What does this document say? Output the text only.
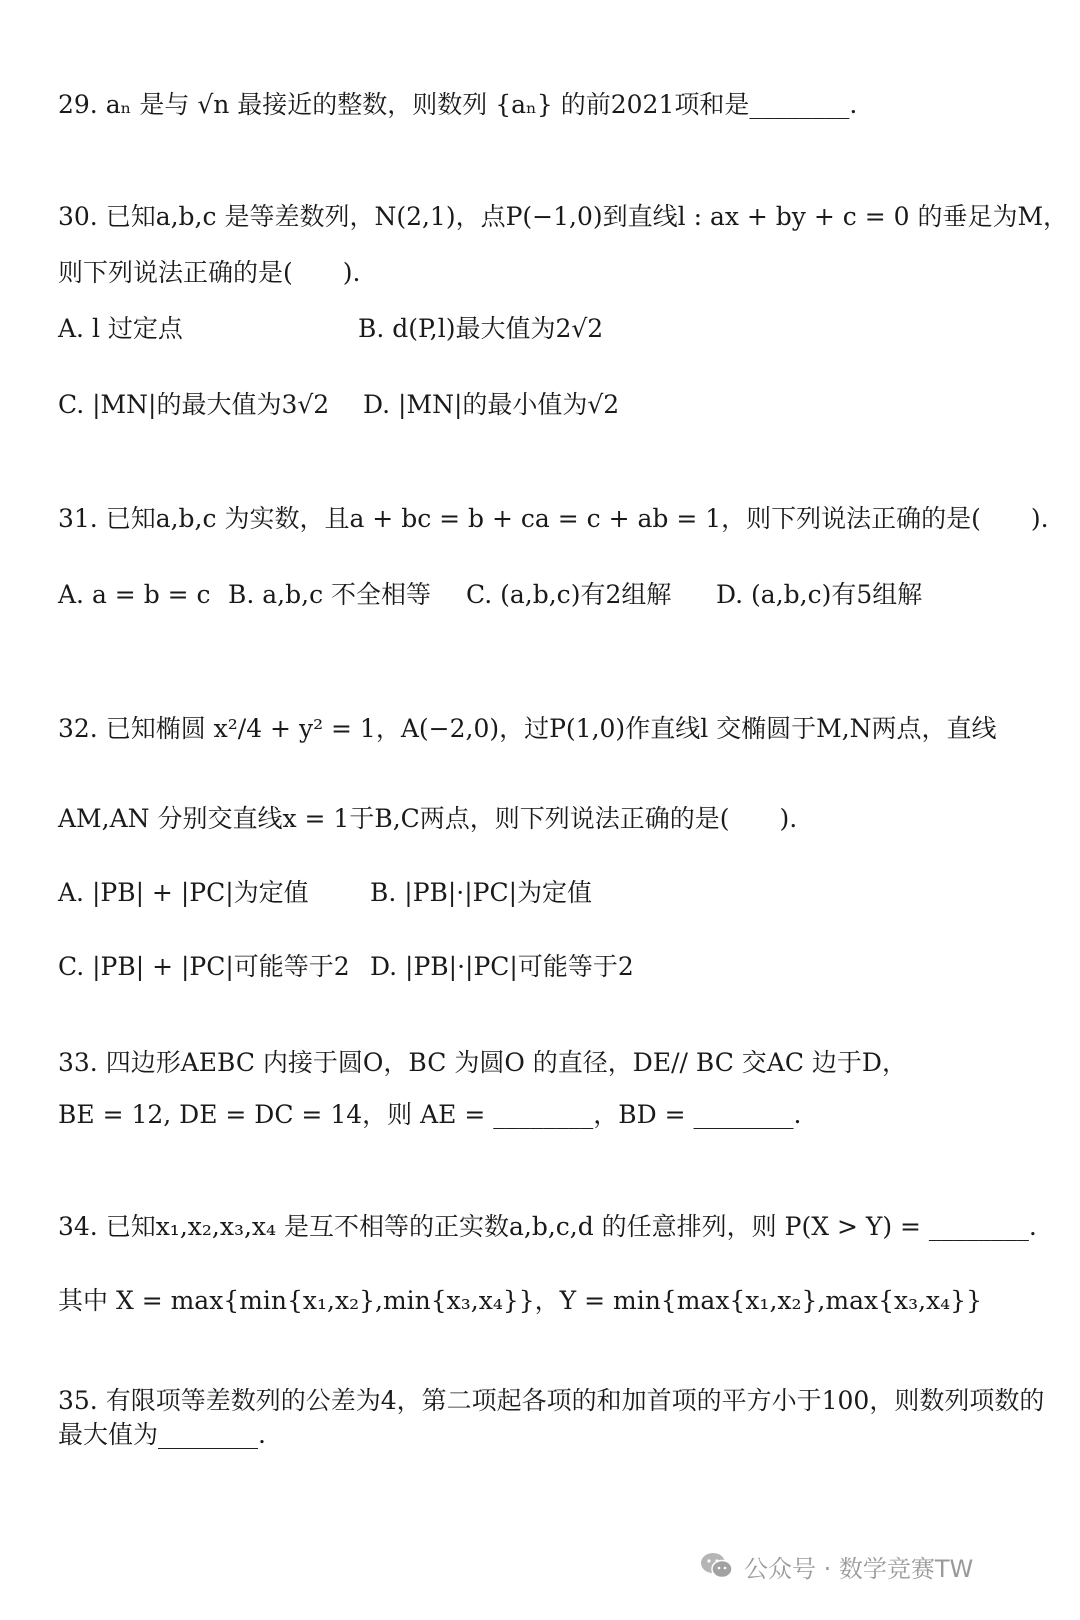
29. aₙ 是与 √n 最接近的整数，则数列 {aₙ} 的前2021项和是________.
30. 已知a,b,c 是等差数列，N(2,1)，点P(−1,0)到直线l : ax + by + c = 0 的垂足为M，
则下列说法正确的是(　　).
A. l 过定点	B. d(P,l)最大值为2√2
C. |MN|的最大值为3√2 D. |MN|的最小值为√2
31. 已知a,b,c 为实数，且a + bc = b + ca = c + ab = 1，则下列说法正确的是(　　).
A. a = b = c B. a,b,c 不全相等 C. (a,b,c)有2组解 D. (a,b,c)有5组解
32. 已知椭圆 x²/4 + y² = 1，A(−2,0)，过P(1,0)作直线l 交椭圆于M,N两点，直线
AM,AN 分别交直线x = 1于B,C两点，则下列说法正确的是(　　).
A. |PB| + |PC|为定值 B. |PB|·|PC|为定值
C. |PB| + |PC|可能等于2 D. |PB|·|PC|可能等于2
33. 四边形AEBC 内接于圆O，BC 为圆O 的直径，DE// BC 交AC 边于D，
BE = 12, DE = DC = 14，则 AE = ________，BD = ________.
34. 已知x₁,x₂,x₃,x₄ 是互不相等的正实数a,b,c,d 的任意排列，则 P(X > Y) = ________.
其中 X = max{min{x₁,x₂},min{x₃,x₄}}，Y = min{max{x₁,x₂},max{x₃,x₄}}
35. 有限项等差数列的公差为4，第二项起各项的和加首项的平方小于100，则数列项数的
最大值为________.
公众号 · 数学竞赛TW
